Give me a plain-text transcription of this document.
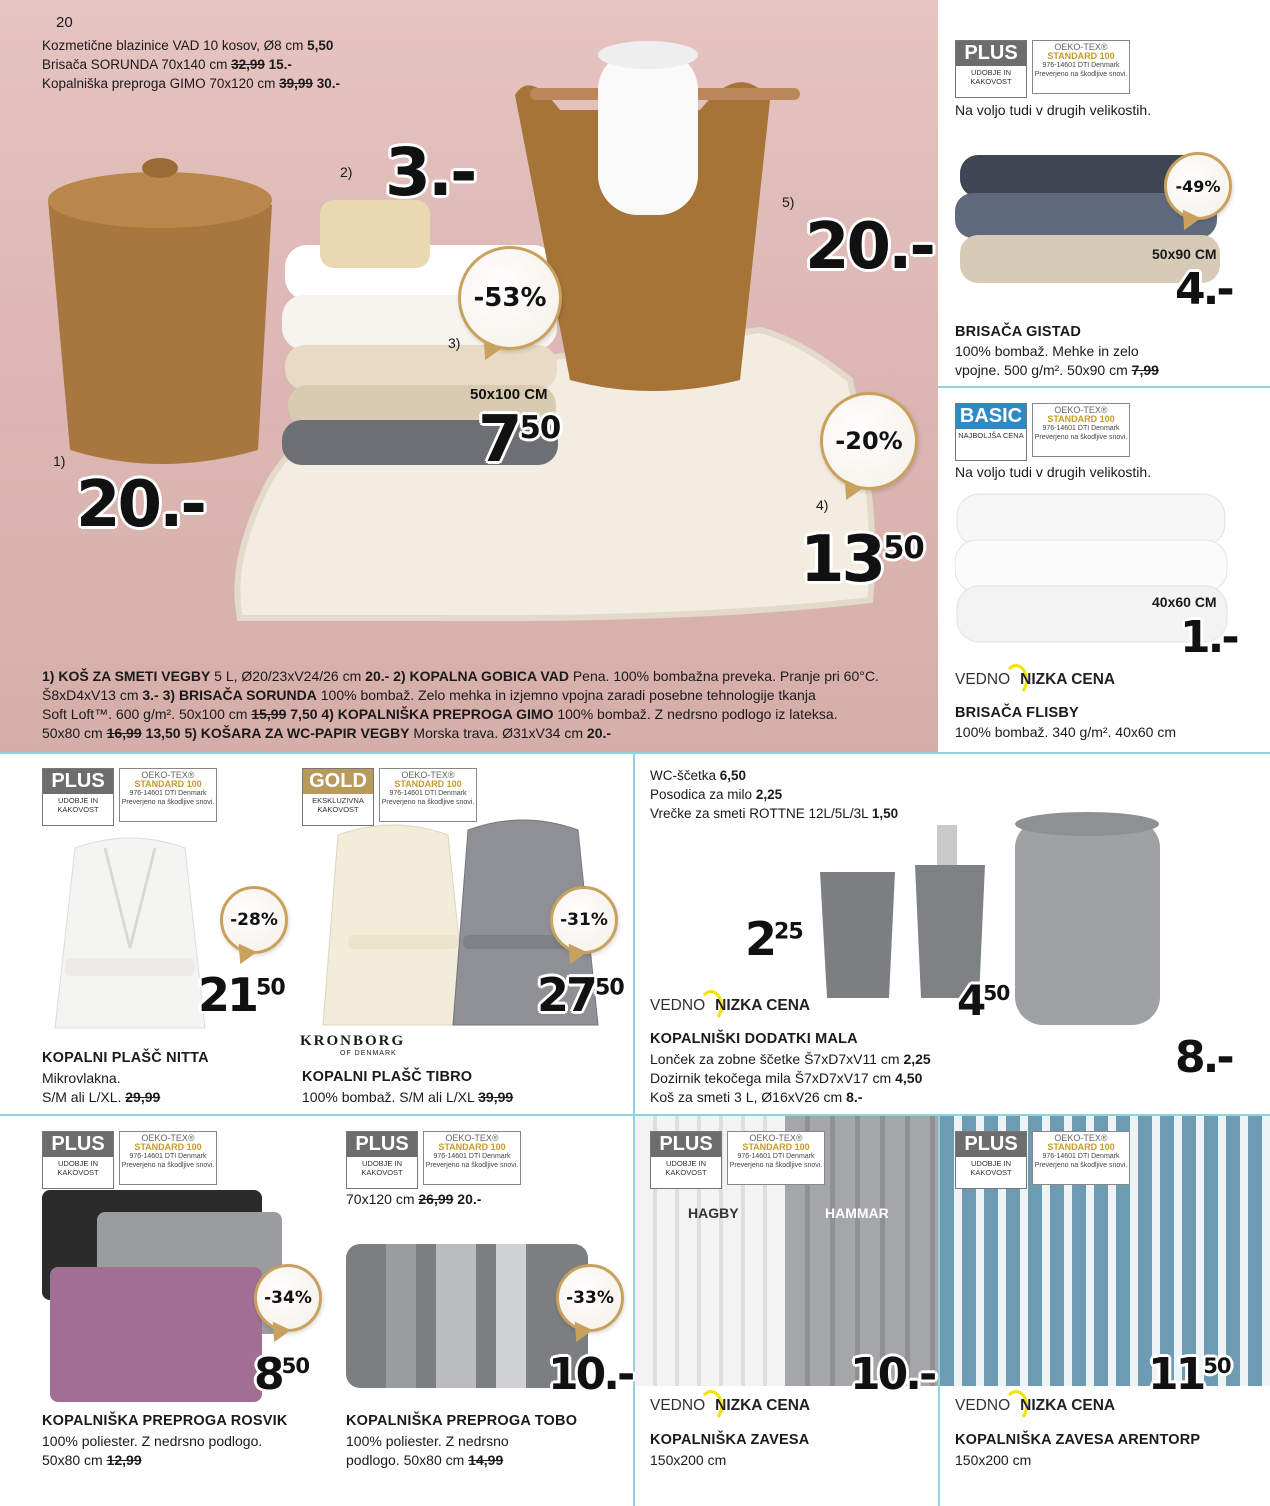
20
Kozmetične blazinice VAD 10 kosov, Ø8 cm 5,50
Brisača SORUNDA 70x140 cm 32,99 15.-
Kopalniška preproga GIMO 70x120 cm 39,99 30.-
2) 3.-	5)
20.-
-53%
3)
50x100 CM
$7^{50}$	-20%
4)
$13^{50}$
1)
20.-
1) KOŠ ZA SMETI VEGBY 5 L, Ø20/23xV24/26 cm 20.- 2) KOPALNA GOBICA VAD Pena. 100% bombažna preveka. Pranje pri 60°C.
Š8xD4xV13 cm 3.- 3) BRISAČA SORUNDA 100% bombaž. Zelo mehka in izjemno vpojna zaradi posebne tehnologije tkanja
Soft Loft™. 600 g/m². 50x100 cm 15,99 7,50 4) KOPALNIŠKA PREPROGA GIMO 100% bombaž. Z nedrsno podlogo iz lateksa.
50x80 cm 16,99 13,50 5) KOŠARA ZA WC-PAPIR VEGBY Morska trava. Ø31xV34 cm 20.-
PLUS
UDOBJE IN KAKOVOST
OEKO-TEX®
STANDARD 100
976-14601 DTI Denmark
Preverjeno na škodljive snovi.
Na voljo tudi v drugih velikostih.
-49%
50x90 CM
4.-
BRISAČA GISTAD
100% bombaž. Mehke in zelo
vpojne. 500 g/m². 50x90 cm 7,99
BASIC
NAJBOLJŠA CENA
OEKO-TEX®
STANDARD 100
976-14601 DTI Denmark
Preverjeno na škodljive snovi.
Na voljo tudi v drugih velikostih.
40x60 CM
1.-
VEDNO NIZKA CENA
BRISAČA FLISBY
100% bombaž. 340 g/m². 40x60 cm
PLUS
UDOBJE IN KAKOVOST
OEKO-TEX®
STANDARD 100
976-14601 DTI Denmark
Preverjeno na škodljive snovi.
-28%
$21^{50}$
KOPALNI PLAŠČ NITTA
Mikrovlakna.
S/M ali L/XL. 29,99
GOLD
EKSKLUZIVNA KAKOVOST
OEKO-TEX®
STANDARD 100
976-14601 DTI Denmark
Preverjeno na škodljive snovi.
-31%
$27^{50}$
KRONBORG
OF DENMARK
KOPALNI PLAŠČ TIBRO
100% bombaž. S/M ali L/XL 39,99
WC-ščetka 6,50
Posodica za milo 2,25
Vrečke za smeti ROTTNE 12L/5L/3L 1,50
$2^{25}$
VEDNO NIZKA CENA	$4^{50}$
8.-
KOPALNIŠKI DODATKI MALA
Lonček za zobne ščetke Š7xD7xV11 cm 2,25
Dozirnik tekočega mila Š7xD7xV17 cm 4,50
Koš za smeti 3 L, Ø16xV26 cm 8.-
PLUS
UDOBJE IN KAKOVOST
OEKO-TEX®
STANDARD 100
976-14601 DTI Denmark
Preverjeno na škodljive snovi.
-34%
$8^{50}$
KOPALNIŠKA PREPROGA ROSVIK
100% poliester. Z nedrsno podlogo.
50x80 cm 12,99
PLUS
UDOBJE IN KAKOVOST
OEKO-TEX®
STANDARD 100
976-14601 DTI Denmark
Preverjeno na škodljive snovi.
70x120 cm 26,99 20.-
-33%
10.-
KOPALNIŠKA PREPROGA TOBO
100% poliester. Z nedrsno
podlogo. 50x80 cm 14,99
PLUS
UDOBJE IN KAKOVOST
OEKO-TEX®
STANDARD 100
976-14601 DTI Denmark
Preverjeno na škodljive snovi.
HAGBY	HAMMAR
10.-
VEDNO NIZKA CENA
KOPALNIŠKA ZAVESA
150x200 cm
PLUS
UDOBJE IN KAKOVOST
OEKO-TEX®
STANDARD 100
976-14601 DTI Denmark
Preverjeno na škodljive snovi.
$11^{50}$
VEDNO NIZKA CENA
KOPALNIŠKA ZAVESA ARENTORP
150x200 cm
